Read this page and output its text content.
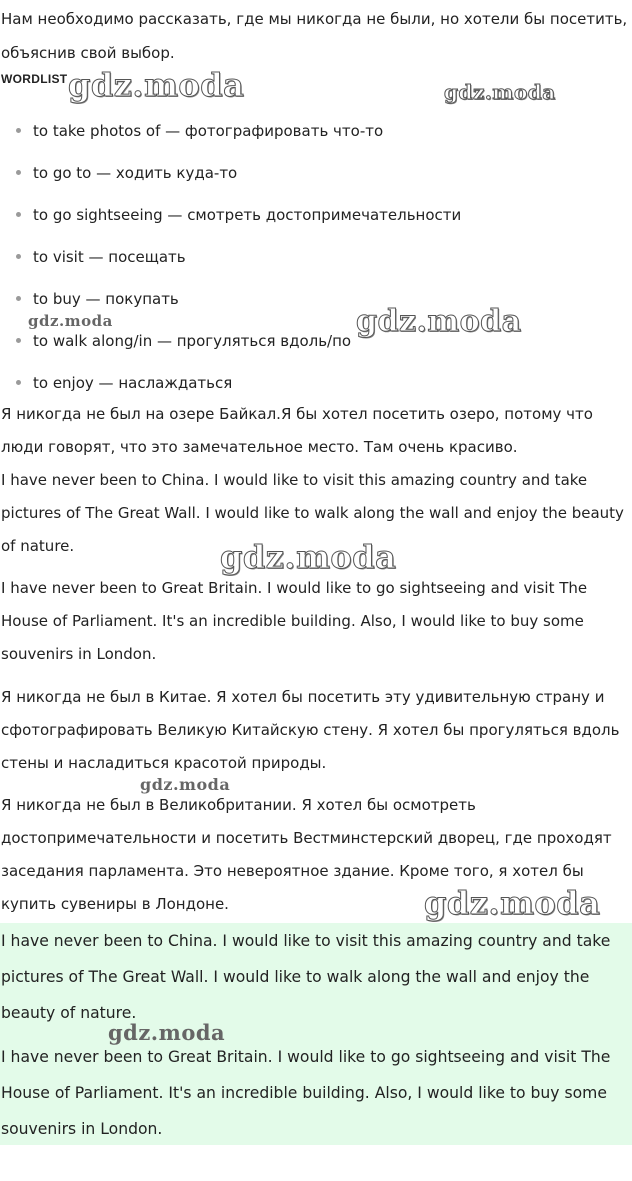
Нам необходимо рассказать, где мы никогда не были, но хотели бы посетить, объяснив свой выбор.

WORDLIST
to take photos of — фотографировать что-то
to go to — ходить куда-то
to go sightseeing — смотреть достопримечательности
to visit — посещать
to buy — покупать
to walk along/in — прогуляться вдоль/по
to enjoy — наслаждаться

Я никогда не был на озере Байкал.Я бы хотел посетить озеро, потому что люди говорят, что это замечательное место. Там очень красиво.

I have never been to China. I would like to visit this amazing country and take pictures of The Great Wall. I would like to walk along the wall and enjoy the beauty of nature.

I have never been to Great Britain. I would like to go sightseeing and visit The House of Parliament. It's an incredible building. Also, I would like to buy some souvenirs in London.

Я никогда не был в Китае. Я хотел бы посетить эту удивительную страну и сфотографировать Великую Китайскую стену. Я хотел бы прогуляться вдоль стены и насладиться красотой природы.

Я никогда не был в Великобритании. Я хотел бы осмотреть достопримечательности и посетить Вестминстерский дворец, где проходят заседания парламента. Это невероятное здание. Кроме того, я хотел бы купить сувениры в Лондоне.

I have never been to China. I would like to visit this amazing country and take pictures of The Great Wall. I would like to walk along the wall and enjoy the beauty of nature.

I have never been to Great Britain. I would like to go sightseeing and visit The House of Parliament. It's an incredible building. Also, I would like to buy some souvenirs in London.

gdz.moda	gdz.moda
gdz.moda	gdz.moda
gdz.moda
gdz.moda
gdz.moda
gdz.moda
